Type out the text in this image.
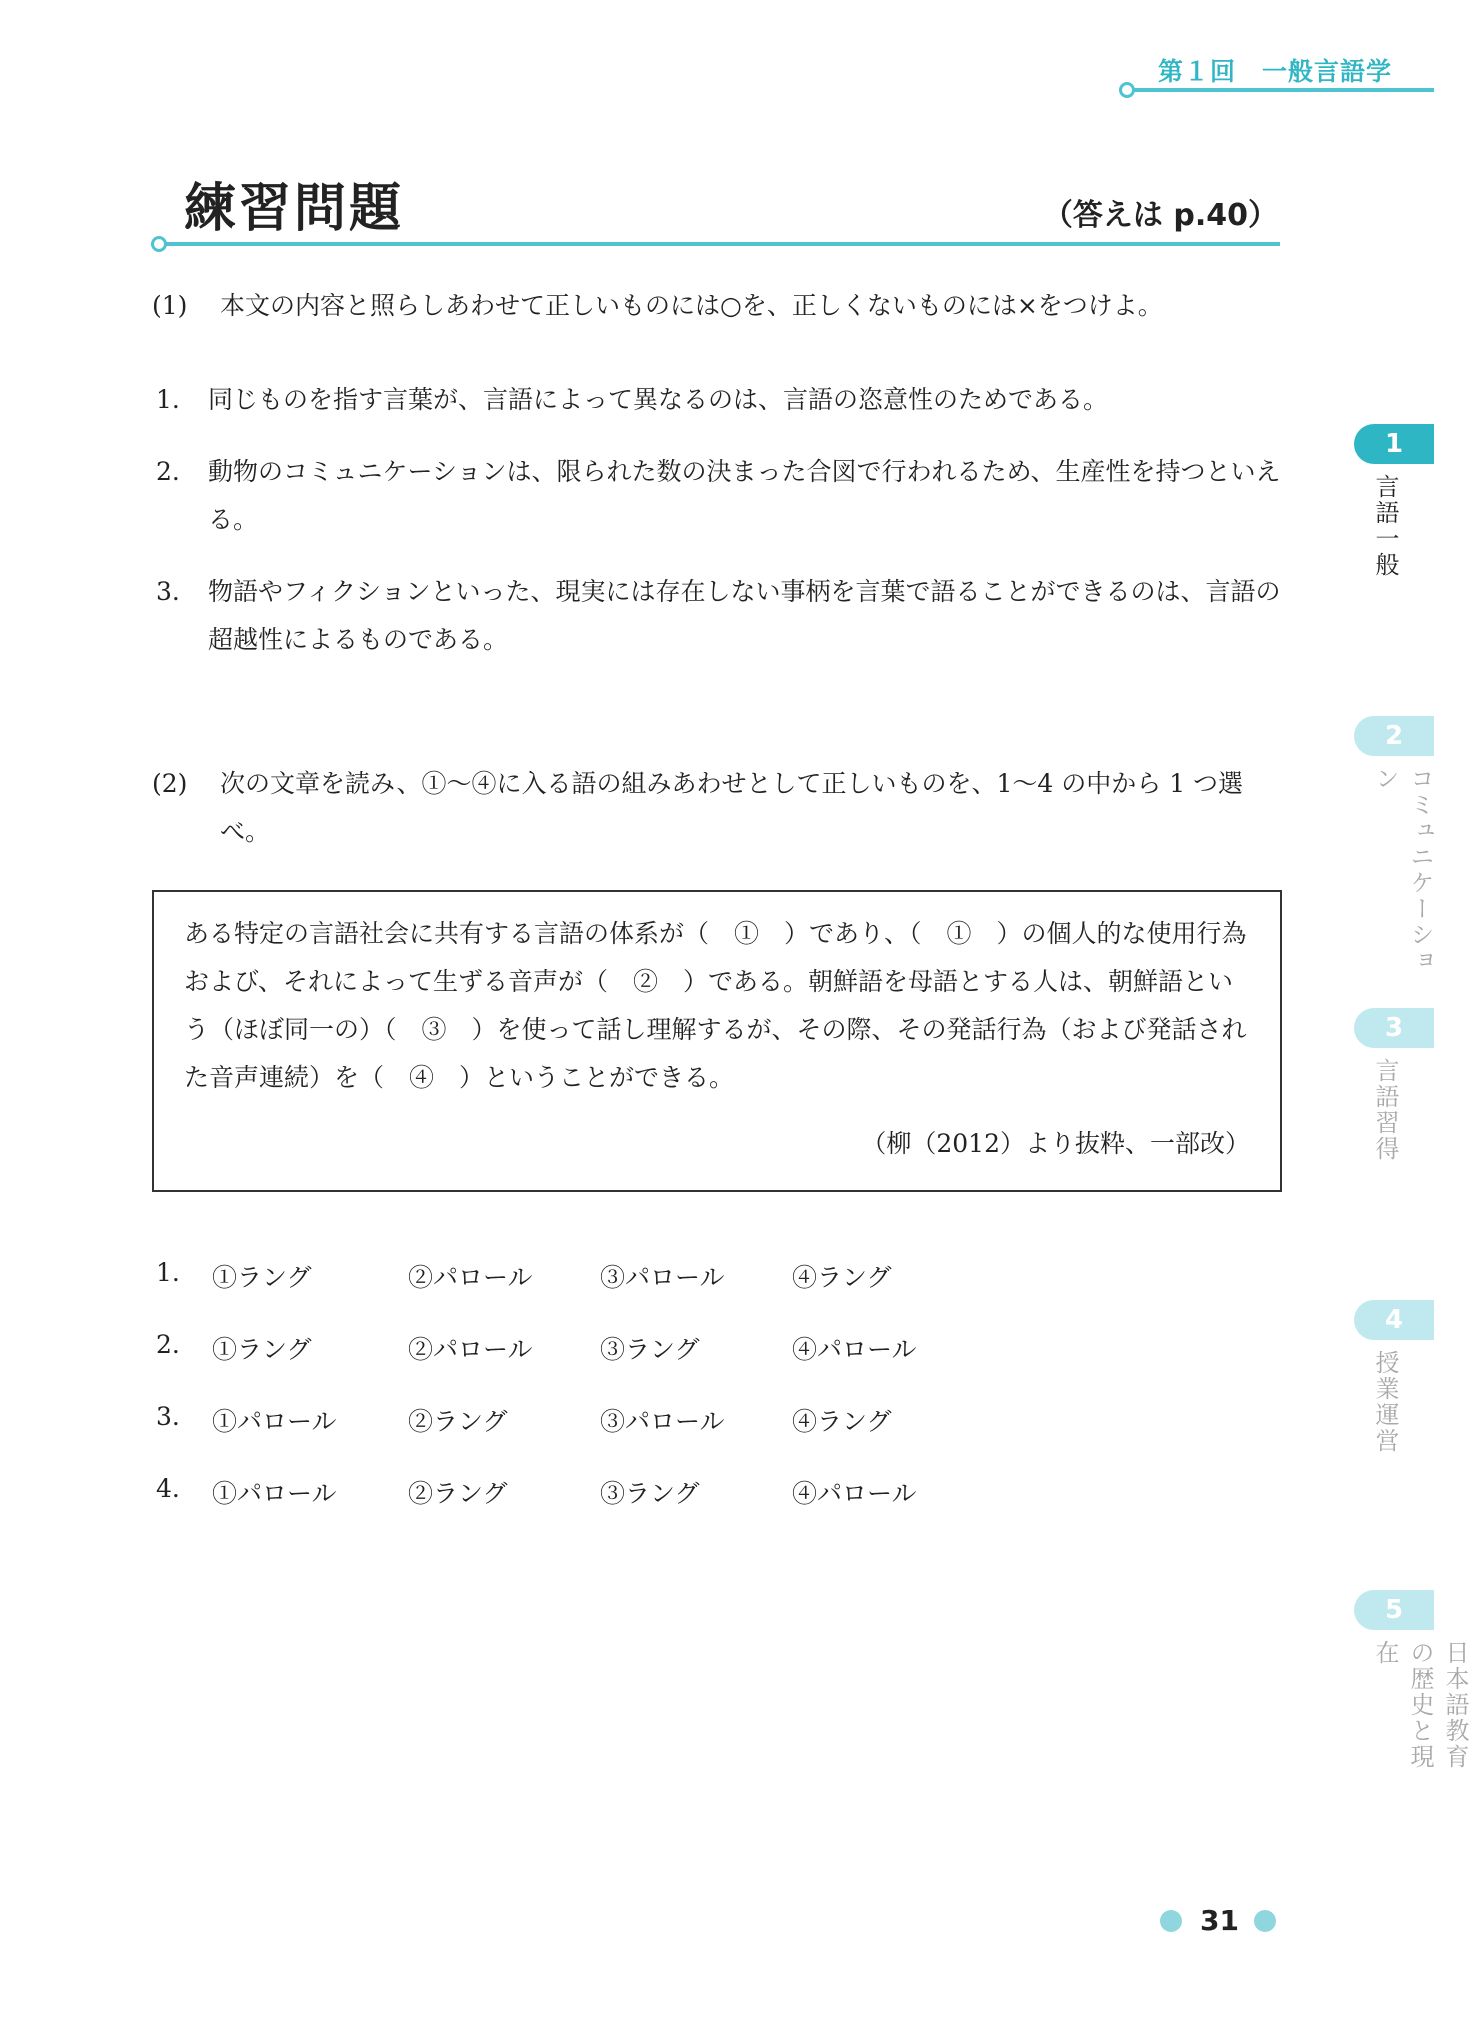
第１回　一般言語学
練習問題	（答えは p.40）
(1) 本文の内容と照らしあわせて正しいものには○を、正しくないものには×をつけよ。
1. 同じものを指す言葉が、言語によって異なるのは、言語の恣意性のためである。
2. 動物のコミュニケーションは、限られた数の決まった合図で行われるため、生産性を持つといえる。
3. 物語やフィクションといった、現実には存在しない事柄を言葉で語ることができるのは、言語の超越性によるものである。
(2) 次の文章を読み、①～④に入る語の組みあわせとして正しいものを、1～4 の中から 1 つ選べ。
ある特定の言語社会に共有する言語の体系が（　①　）であり、（　①　）の個人的な使用行為および、それによって生ずる音声が（　②　）である。朝鮮語を母語とする人は、朝鮮語という（ほぼ同一の）（　③　）を使って話し理解するが、その際、その発話行為（および発話された音声連続）を（　④　）ということができる。
（柳（2012）より抜粋、一部改）
1. ①ラング	②パロール	③パロール	④ラング
2. ①ラング	②パロール	③ラング	④パロール
3. ①パロール	②ラング	③パロール	④ラング
4. ①パロール	②ラング	③ラング	④パロール
1
言語一般
2
コミュニケーション
3
言語習得
4
授業運営
5
日本語教育の歴史と現在
31
